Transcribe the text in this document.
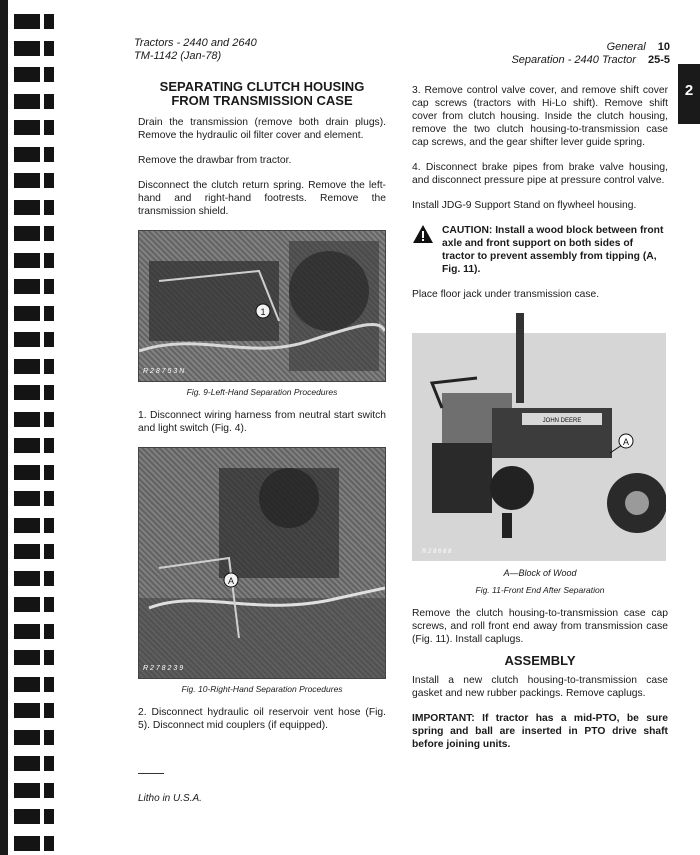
Tractors - 2440 and 2640
TM-1142 (Jan-78)
General 10
Separation - 2440 Tractor 25-5
2
SEPARATING CLUTCH HOUSING
FROM TRANSMISSION CASE

Drain the transmission (remove both drain plugs). Remove the hydraulic oil filter cover and element.

Remove the drawbar from tractor.

Disconnect the clutch return spring. Remove the left-hand and right-hand footrests. Remove the transmission shield.

1
R 2 8 7 5 3 N
Fig. 9-Left-Hand Separation Procedures

1. Disconnect wiring harness from neutral start switch and light switch (Fig. 4).

A
R 2 7 8 2 3 9
Fig. 10-Right-Hand Separation Procedures

2. Disconnect hydraulic oil reservoir vent hose (Fig. 5). Disconnect mid couplers (if equipped).

3. Remove control valve cover, and remove shift cover cap screws (tractors with Hi-Lo shift). Remove shift cover from clutch housing. Inside the clutch housing, remove the two clutch housing-to-transmission case cap screws, and the gear shifter lever guide spring.

4. Disconnect brake pipes from brake valve housing, and disconnect pressure pipe at pressure control valve.

Install JDG-9 Support Stand on flywheel housing.

CAUTION: Install a wood block between front axle and front support on both sides of tractor to prevent assembly from tipping (A, Fig. 11).

Place floor jack under transmission case.

JOHN DEERE
A
R 2 8 6 8 8
A—Block of Wood
Fig. 11-Front End After Separation

Remove the clutch housing-to-transmission case cap screws, and roll front end away from transmission case (Fig. 11). Install caplugs.

ASSEMBLY

Install a new clutch housing-to-transmission case gasket and new rubber packings. Remove caplugs.

IMPORTANT: If tractor has a mid-PTO, be sure spring and ball are inserted in PTO drive shaft before joining units.

Litho in U.S.A.
